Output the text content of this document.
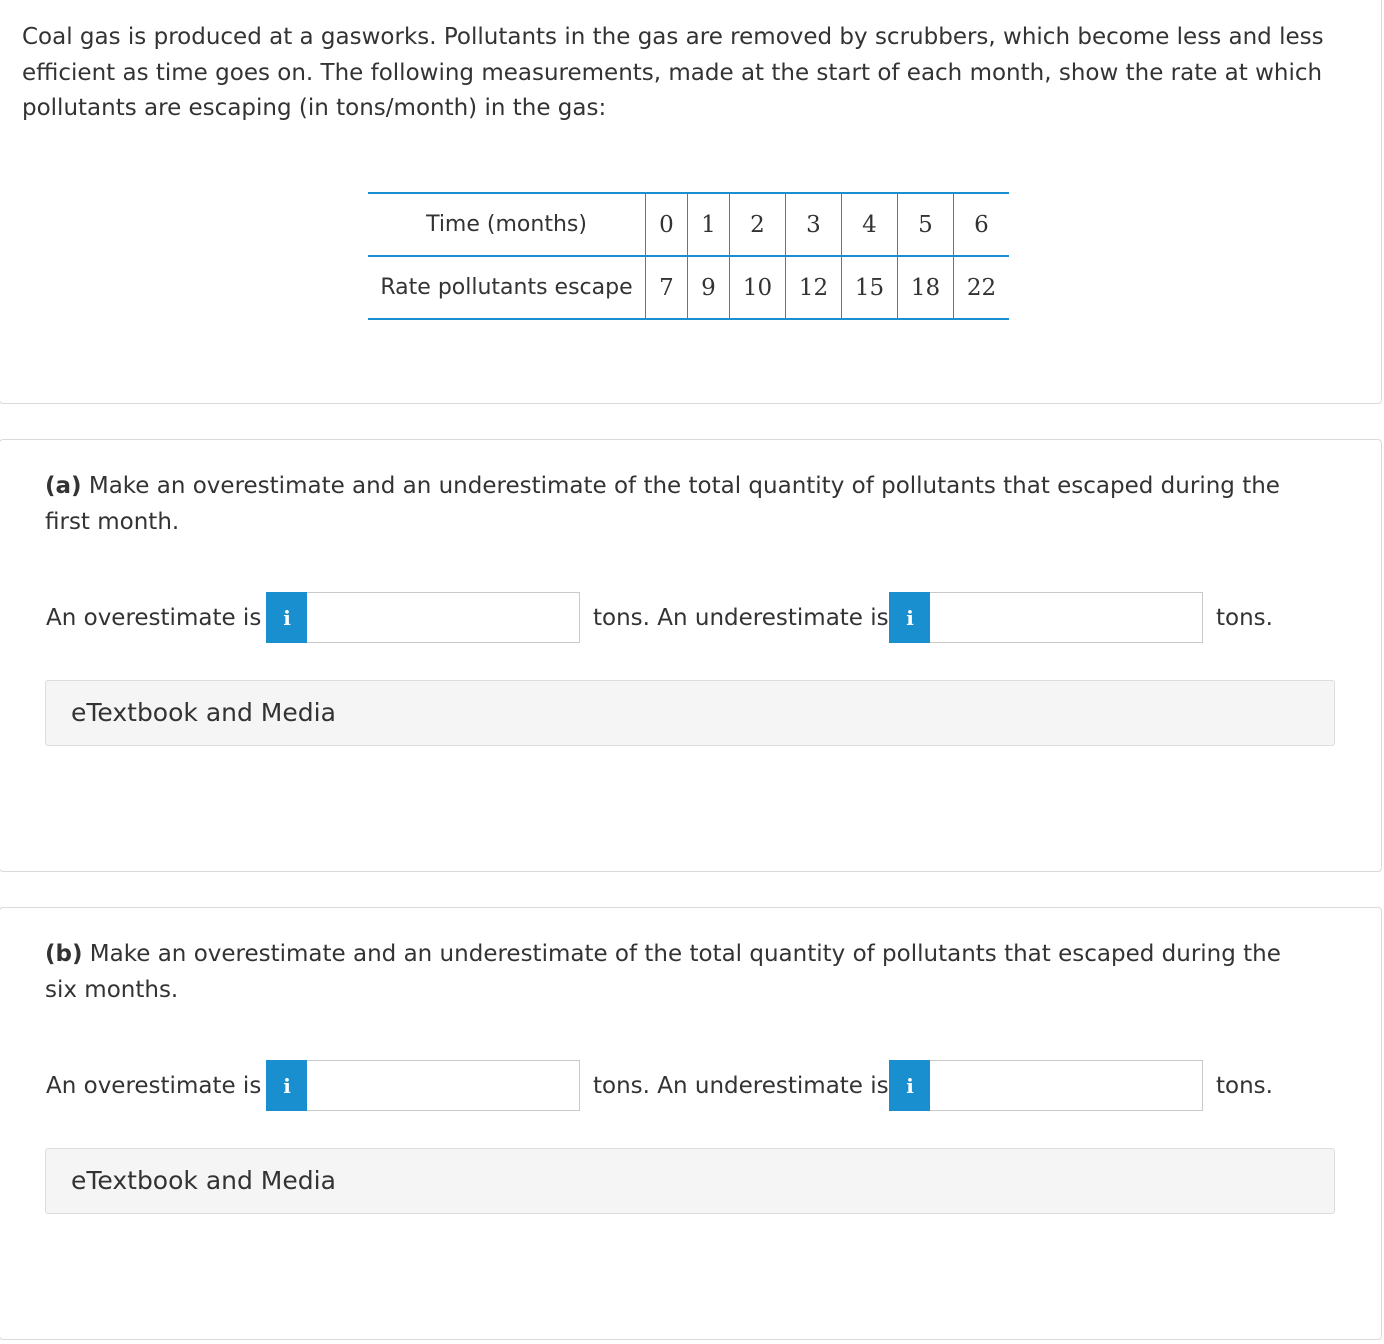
Coal gas is produced at a gasworks. Pollutants in the gas are removed by scrubbers, which become less and less efficient as time goes on. The following measurements, made at the start of each month, show the rate at which pollutants are escaping (in tons/month) in the gas:

Time (months)	0	1	2	3	4	5	6
Rate pollutants escape	7	9	10	12	15	18	22

(a) Make an overestimate and an underestimate of the total quantity of pollutants that escaped during the first month.

An overestimate is	i	tons. An underestimate is i	tons.
eTextbook and Media

(b) Make an overestimate and an underestimate of the total quantity of pollutants that escaped during the six months.

An overestimate is	i	tons. An underestimate is i	tons.
eTextbook and Media
